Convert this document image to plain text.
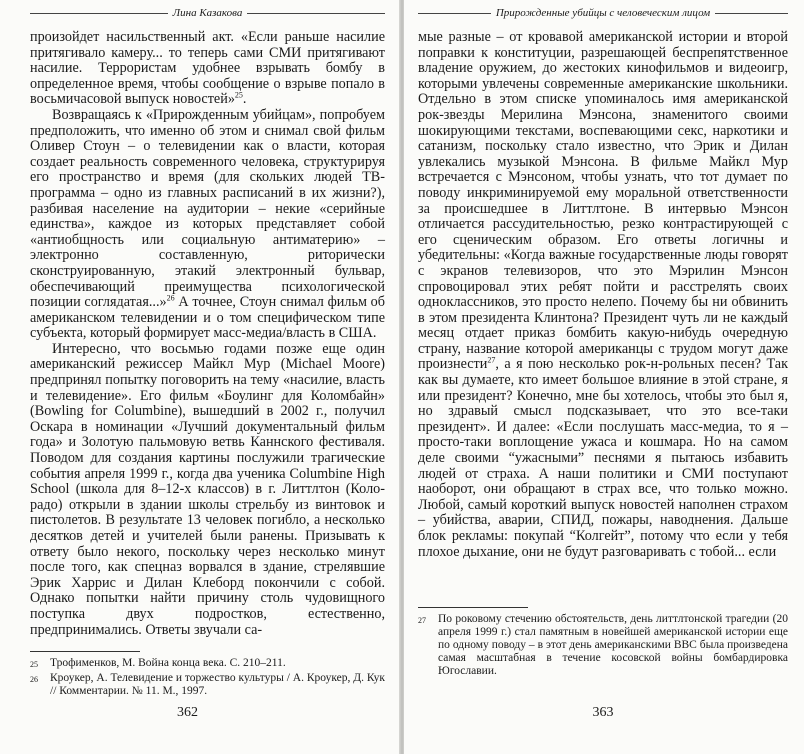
Лина Казакова

произойдет насильственный акт. «Если раньше насилие притягивало камеру... то теперь сами СМИ притягивают насилие. Террористам удобнее взрывать бомбу в определенное время, чтобы сообщение о взрыве попало в восьмичасовой выпуск новостей»$^{25}$.

Возвращаясь к «Прирожденным убийцам», попробуем предположить, что именно об этом и снимал свой фильм Оливер Стоун – о телевидении как о власти, которая создает реальность современного человека, структурируя его пространство и время (для скольких людей ТВ-программа – одно из главных расписаний в их жизни?), разбивая население на аудитории – некие «серийные единства», каждое из которых представляет собой «антиобщность или социальную антиматерию» – электронно составленную, риторически сконструированную, этакий электронный бульвар, обеспечивающий преимущества психологической позиции соглядатая...»$^{26}$ А точнее, Стоун снимал фильм об американском телевидении и о том специфическом типе субъекта, который формирует масс-медиа/власть в США.

Интересно, что восьмью годами позже еще один американский режиссер Майкл Мур (Michael Moore) предпринял попытку поговорить на тему «насилие, власть и телевидение». Его фильм «Боулинг для Коломбайн» (Bowling for Columbine), вышедший в 2002 г., получил Оскара в номинации «Лучший документальный фильм года» и Золотую пальмовую ветвь Каннского фестиваля. Поводом для создания картины послужили трагические события апреля 1999 г., когда два ученика Columbine High School (школа для 8–12-х классов) в г. Литтлтон (Колорадо) открыли в здании школы стрельбу из винтовок и пистолетов. В результате 13 человек погибло, а несколько десятков детей и учителей были ранены. Призывать к ответу было некого, поскольку через несколько минут после того, как спецназ ворвался в здание, стрелявшие Эрик Харрис и Дилан Клеборд покончили с собой. Однако попытки найти причину столь чудовищного поступка двух подростков, естественно, предпринимались. Ответы звучали са-

25	Трофименков, М. Война конца века. С. 210–211.
26	Кроукер, А. Телевидение и торжество культуры / А. Кроукер, Д. Кук // Комментарии. № 11. М., 1997.
362
Прирожденные убийцы с человеческим лицом

мые разные – от кровавой американской истории и второй поправки к конституции, разрешающей беспрепятственное владение оружием, до жестоких кинофильмов и видеоигр, которыми увлечены современные американские школьники. Отдельно в этом списке упоминалось имя американской рок-звезды Мерилина Мэнсона, знаменитого своими шокирующими текстами, воспевающими секс, наркотики и сатанизм, поскольку стало известно, что Эрик и Дилан увлекались музыкой Мэнсона. В фильме Майкл Мур встречается с Мэнсоном, чтобы узнать, что тот думает по поводу инкриминируемой ему моральной ответственности за происшедшее в Литтлтоне. В интервью Мэнсон отличается рассудительностью, резко контрастирующей с его сценическим образом. Его ответы логичны и убедительны: «Когда важные государственные люды говорят с экранов телевизоров, что это Мэрилин Мэнсон спровоцировал этих ребят пойти и расстрелять своих одноклассников, это просто нелепо. Почему бы ни обвинить в этом президента Клинтона? Президент чуть ли не каждый месяц отдает приказ бомбить какую-нибудь очередную страну, название которой американцы с трудом могут даже произнести$^{27}$, а я пою несколько рок-н-рольных песен? Так как вы думаете, кто имеет большое влияние в этой стране, я или президент? Конечно, мне бы хотелось, чтобы это был я, но здравый смысл подсказывает, что это все-таки президент». И далее: «Если послушать масс-медиа, то я – просто-таки воплощение ужаса и кошмара. Но на самом деле своими “ужасными” песнями я пытаюсь избавить людей от страха. А наши политики и СМИ поступают наоборот, они обращают в страх все, что только можно. Любой, самый короткий выпуск новостей наполнен страхом – убийства, аварии, СПИД, пожары, наводнения. Дальше блок рекламы: покупай “Колгейт”, потому что если у тебя плохое дыхание, они не будут разговаривать с тобой... если

27	По роковому стечению обстоятельств, день литтлтонской трагедии (20 апреля 1999 г.) стал памятным в новейшей американской истории еще по одному поводу – в этот день американскими ВВС была произведена самая масштабная в течение косовской войны бомбардировка Югославии.
363
